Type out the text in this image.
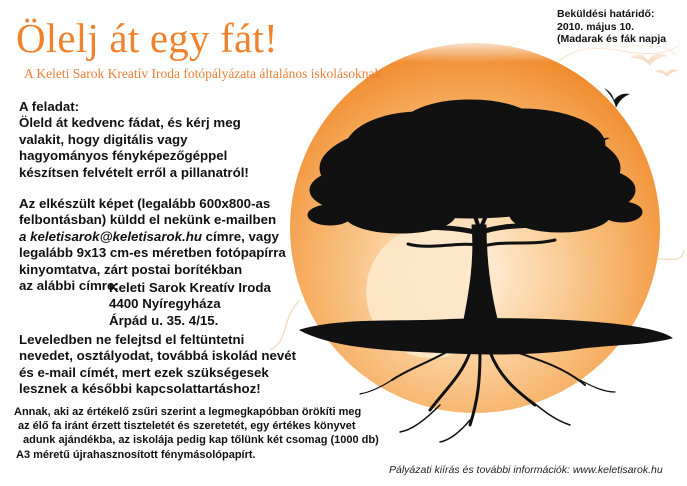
Ölelj át egy fát!
A Keleti Sarok Kreatív Iroda fotópályázata általános iskolásoknak
Beküldési határidő:
2010. május 10.
(Madarak és fák napja
A feladat:
Öleld át kedvenc fádat, és kérj meg
valakit, hogy digitális vagy
hagyományos fényképezőgéppel
készítsen felvételt erről a pillanatról!
Az elkészült képet (legalább 600x800-as
felbontásban) küldd el nekünk e-mailben
a keletisarok@keletisarok.hu címre, vagy
legalább 9x13 cm-es méretben fotópapírra
kinyomtatva, zárt postai borítékban
az alábbi címre:
Keleti Sarok Kreatív Iroda
4400 Nyíregyháza
Árpád u. 35. 4/15.
Leveledben ne felejtsd el feltüntetni
nevedet, osztályodat, továbbá iskolád nevét
és e-mail címét, mert ezek szükségesek
lesznek a későbbi kapcsolattartáshoz!
Annak, aki az értékelő zsűri szerint a legmegkapóbban örökíti meg
az élő fa iránt érzett tiszteletét és szeretetét, egy értékes könyvet
adunk ajándékba, az iskolája pedig kap tőlünk két csomag (1000 db)
A3 méretű újrahasznosított fénymásolópapírt.
Pályázati kiírás és további információk: www.keletisarok.hu
